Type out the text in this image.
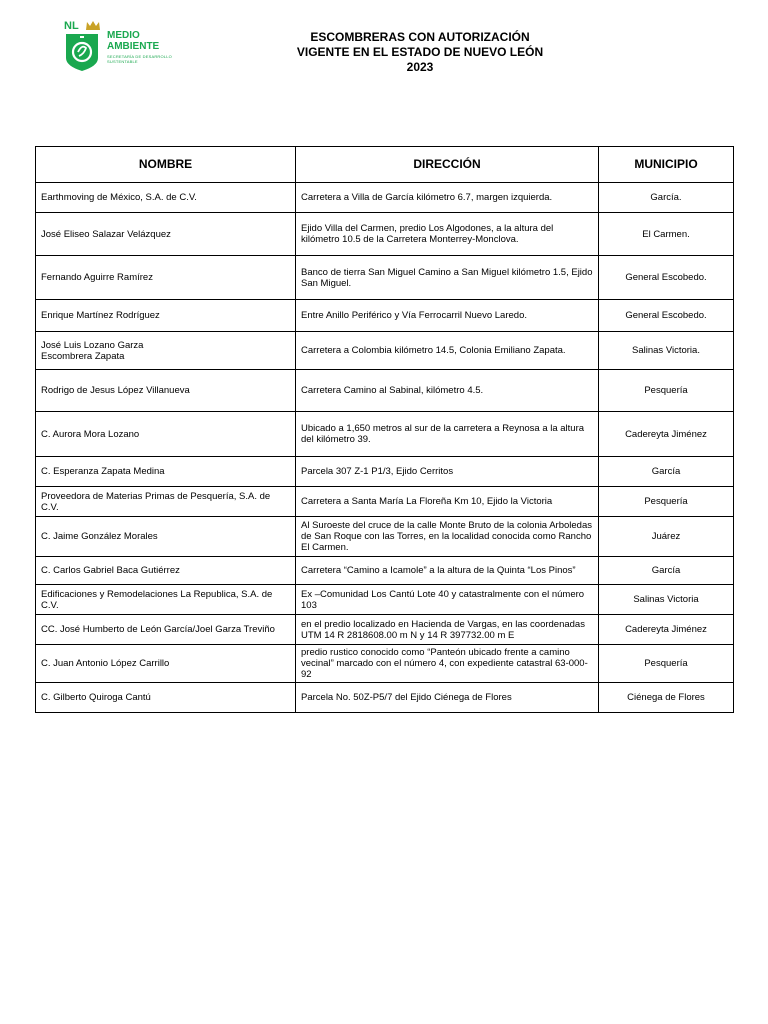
NL
MEDIO
AMBIENTE
SECRETARÍA DE DESARROLLO SUSTENTABLE
ESCOMBRERAS CON AUTORIZACIÓN
VIGENTE EN EL ESTADO DE NUEVO LEÓN
2023
NOMBRE	DIRECCIÓN	MUNICIPIO
Earthmoving de México, S.A. de C.V.	Carretera a Villa de García kilómetro 6.7, margen izquierda.	García.
José Eliseo Salazar Velázquez	Ejido Villa del Carmen, predio Los Algodones, a la altura del kilómetro 10.5 de la Carretera Monterrey-Monclova.	El Carmen.
Fernando Aguirre Ramírez	Banco de tierra San Miguel Camino a San Miguel kilómetro 1.5, Ejido San Miguel.	General Escobedo.
Enrique Martínez Rodríguez	Entre Anillo Periférico y Vía Ferrocarril Nuevo Laredo.	General Escobedo.
José Luis Lozano Garza
Escombrera Zapata	Carretera a Colombia kilómetro 14.5, Colonia Emiliano Zapata.	Salinas Victoria.
Rodrigo de Jesus López Villanueva	Carretera Camino al Sabinal, kilómetro 4.5.	Pesquería
C. Aurora Mora Lozano	Ubicado a 1,650 metros al sur de la carretera a Reynosa a la altura del kilómetro 39.	Cadereyta Jiménez
C. Esperanza Zapata Medina	Parcela 307 Z-1 P1/3, Ejido Cerritos	García
Proveedora de Materias Primas de Pesquería, S.A. de C.V.	Carretera a Santa María La Floreña Km 10, Ejido la Victoria	Pesquería
C. Jaime González Morales	Al Suroeste del cruce de la calle Monte Bruto de la colonia Arboledas de San Roque con las Torres, en la localidad conocida como Rancho El Carmen.	Juárez
C. Carlos Gabriel Baca Gutiérrez	Carretera “Camino a Icamole” a la altura de la Quinta “Los Pinos”	García
Edificaciones y Remodelaciones La Republica, S.A. de C.V.	Ex –Comunidad Los Cantú Lote 40 y catastralmente con el número 103	Salinas Victoria
CC. José Humberto de León García/Joel Garza Treviño	en el predio localizado en Hacienda de Vargas, en las coordenadas UTM 14 R 2818608.00 m N y 14 R 397732.00 m E	Cadereyta Jiménez
C. Juan Antonio López Carrillo	predio rustico conocido como “Panteón ubicado frente a camino vecinal” marcado con el número 4, con expediente catastral 63-000-92	Pesquería
C. Gilberto Quiroga Cantú	Parcela No. 50Z-P5/7 del Ejido Ciénega de Flores	Ciénega de Flores
